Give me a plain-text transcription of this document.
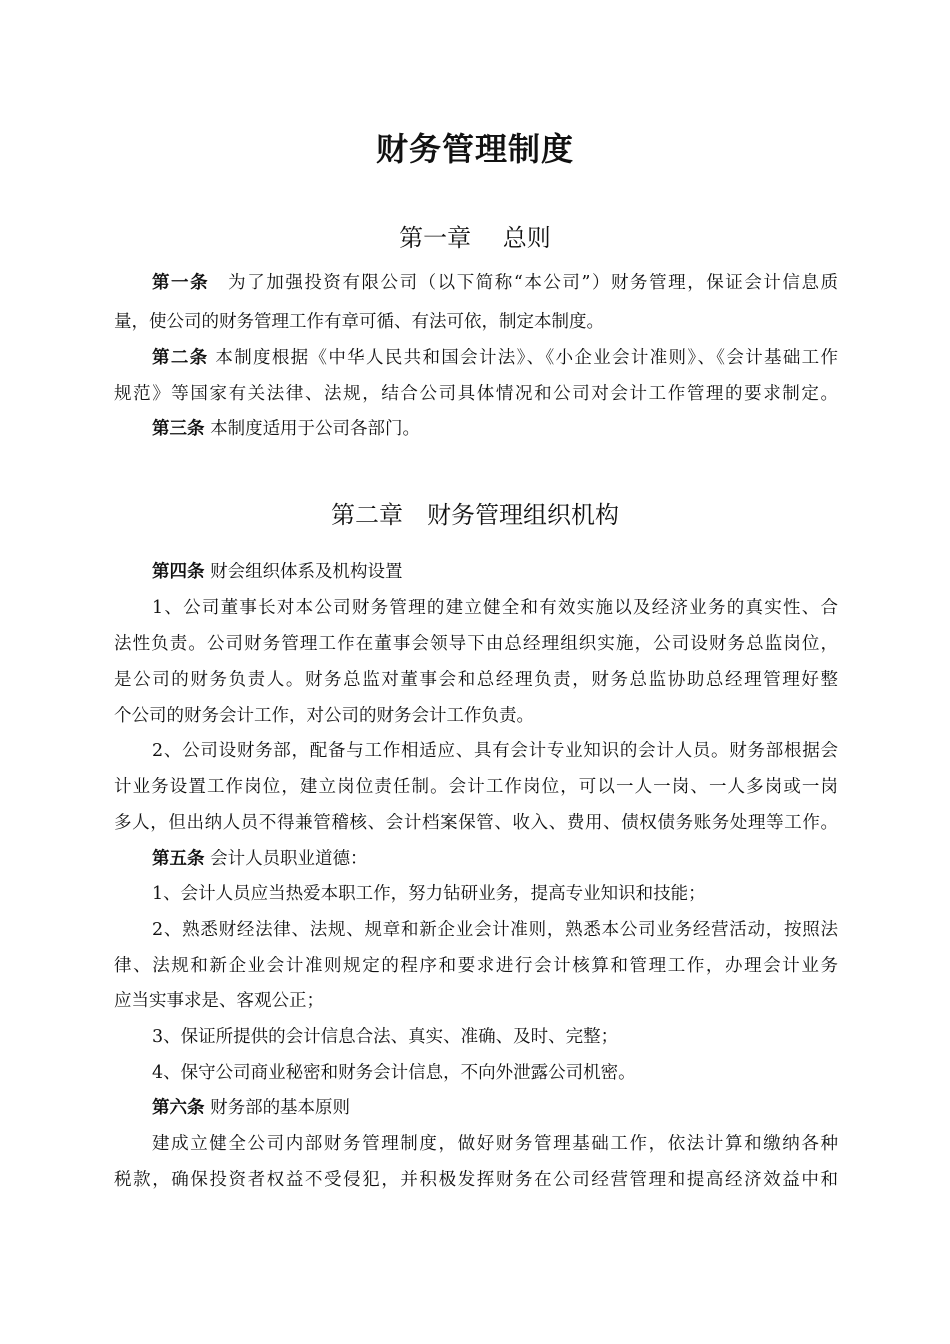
财务管理制度
第一章　 总则
第一条　为了加强投资有限公司（以下简称“本公司”）财务管理，保证会计信息质
量，使公司的财务管理工作有章可循、有法可依，制定本制度。
第二条 本制度根据《中华人民共和国会计法》、《小企业会计准则》、《会计基础工作
规范》等国家有关法律、法规，结合公司具体情况和公司对会计工作管理的要求制定。
第三条 本制度适用于公司各部门。
第二章　财务管理组织机构
第四条 财会组织体系及机构设置
1、公司董事长对本公司财务管理的建立健全和有效实施以及经济业务的真实性、合
法性负责。公司财务管理工作在董事会领导下由总经理组织实施，公司设财务总监岗位，
是公司的财务负责人。财务总监对董事会和总经理负责，财务总监协助总经理管理好整
个公司的财务会计工作，对公司的财务会计工作负责。
2、公司设财务部，配备与工作相适应、具有会计专业知识的会计人员。财务部根据会
计业务设置工作岗位，建立岗位责任制。会计工作岗位，可以一人一岗、一人多岗或一岗
多人，但出纳人员不得兼管稽核、会计档案保管、收入、费用、债权债务账务处理等工作。
第五条 会计人员职业道德：
1、会计人员应当热爱本职工作，努力钻研业务，提高专业知识和技能；
2、熟悉财经法律、法规、规章和新企业会计准则，熟悉本公司业务经营活动，按照法
律、法规和新企业会计准则规定的程序和要求进行会计核算和管理工作，办理会计业务
应当实事求是、客观公正；
3、保证所提供的会计信息合法、真实、准确、及时、完整；
4、保守公司商业秘密和财务会计信息，不向外泄露公司机密。
第六条 财务部的基本原则
建成立健全公司内部财务管理制度，做好财务管理基础工作，依法计算和缴纳各种
税款，确保投资者权益不受侵犯，并积极发挥财务在公司经营管理和提高经济效益中和
